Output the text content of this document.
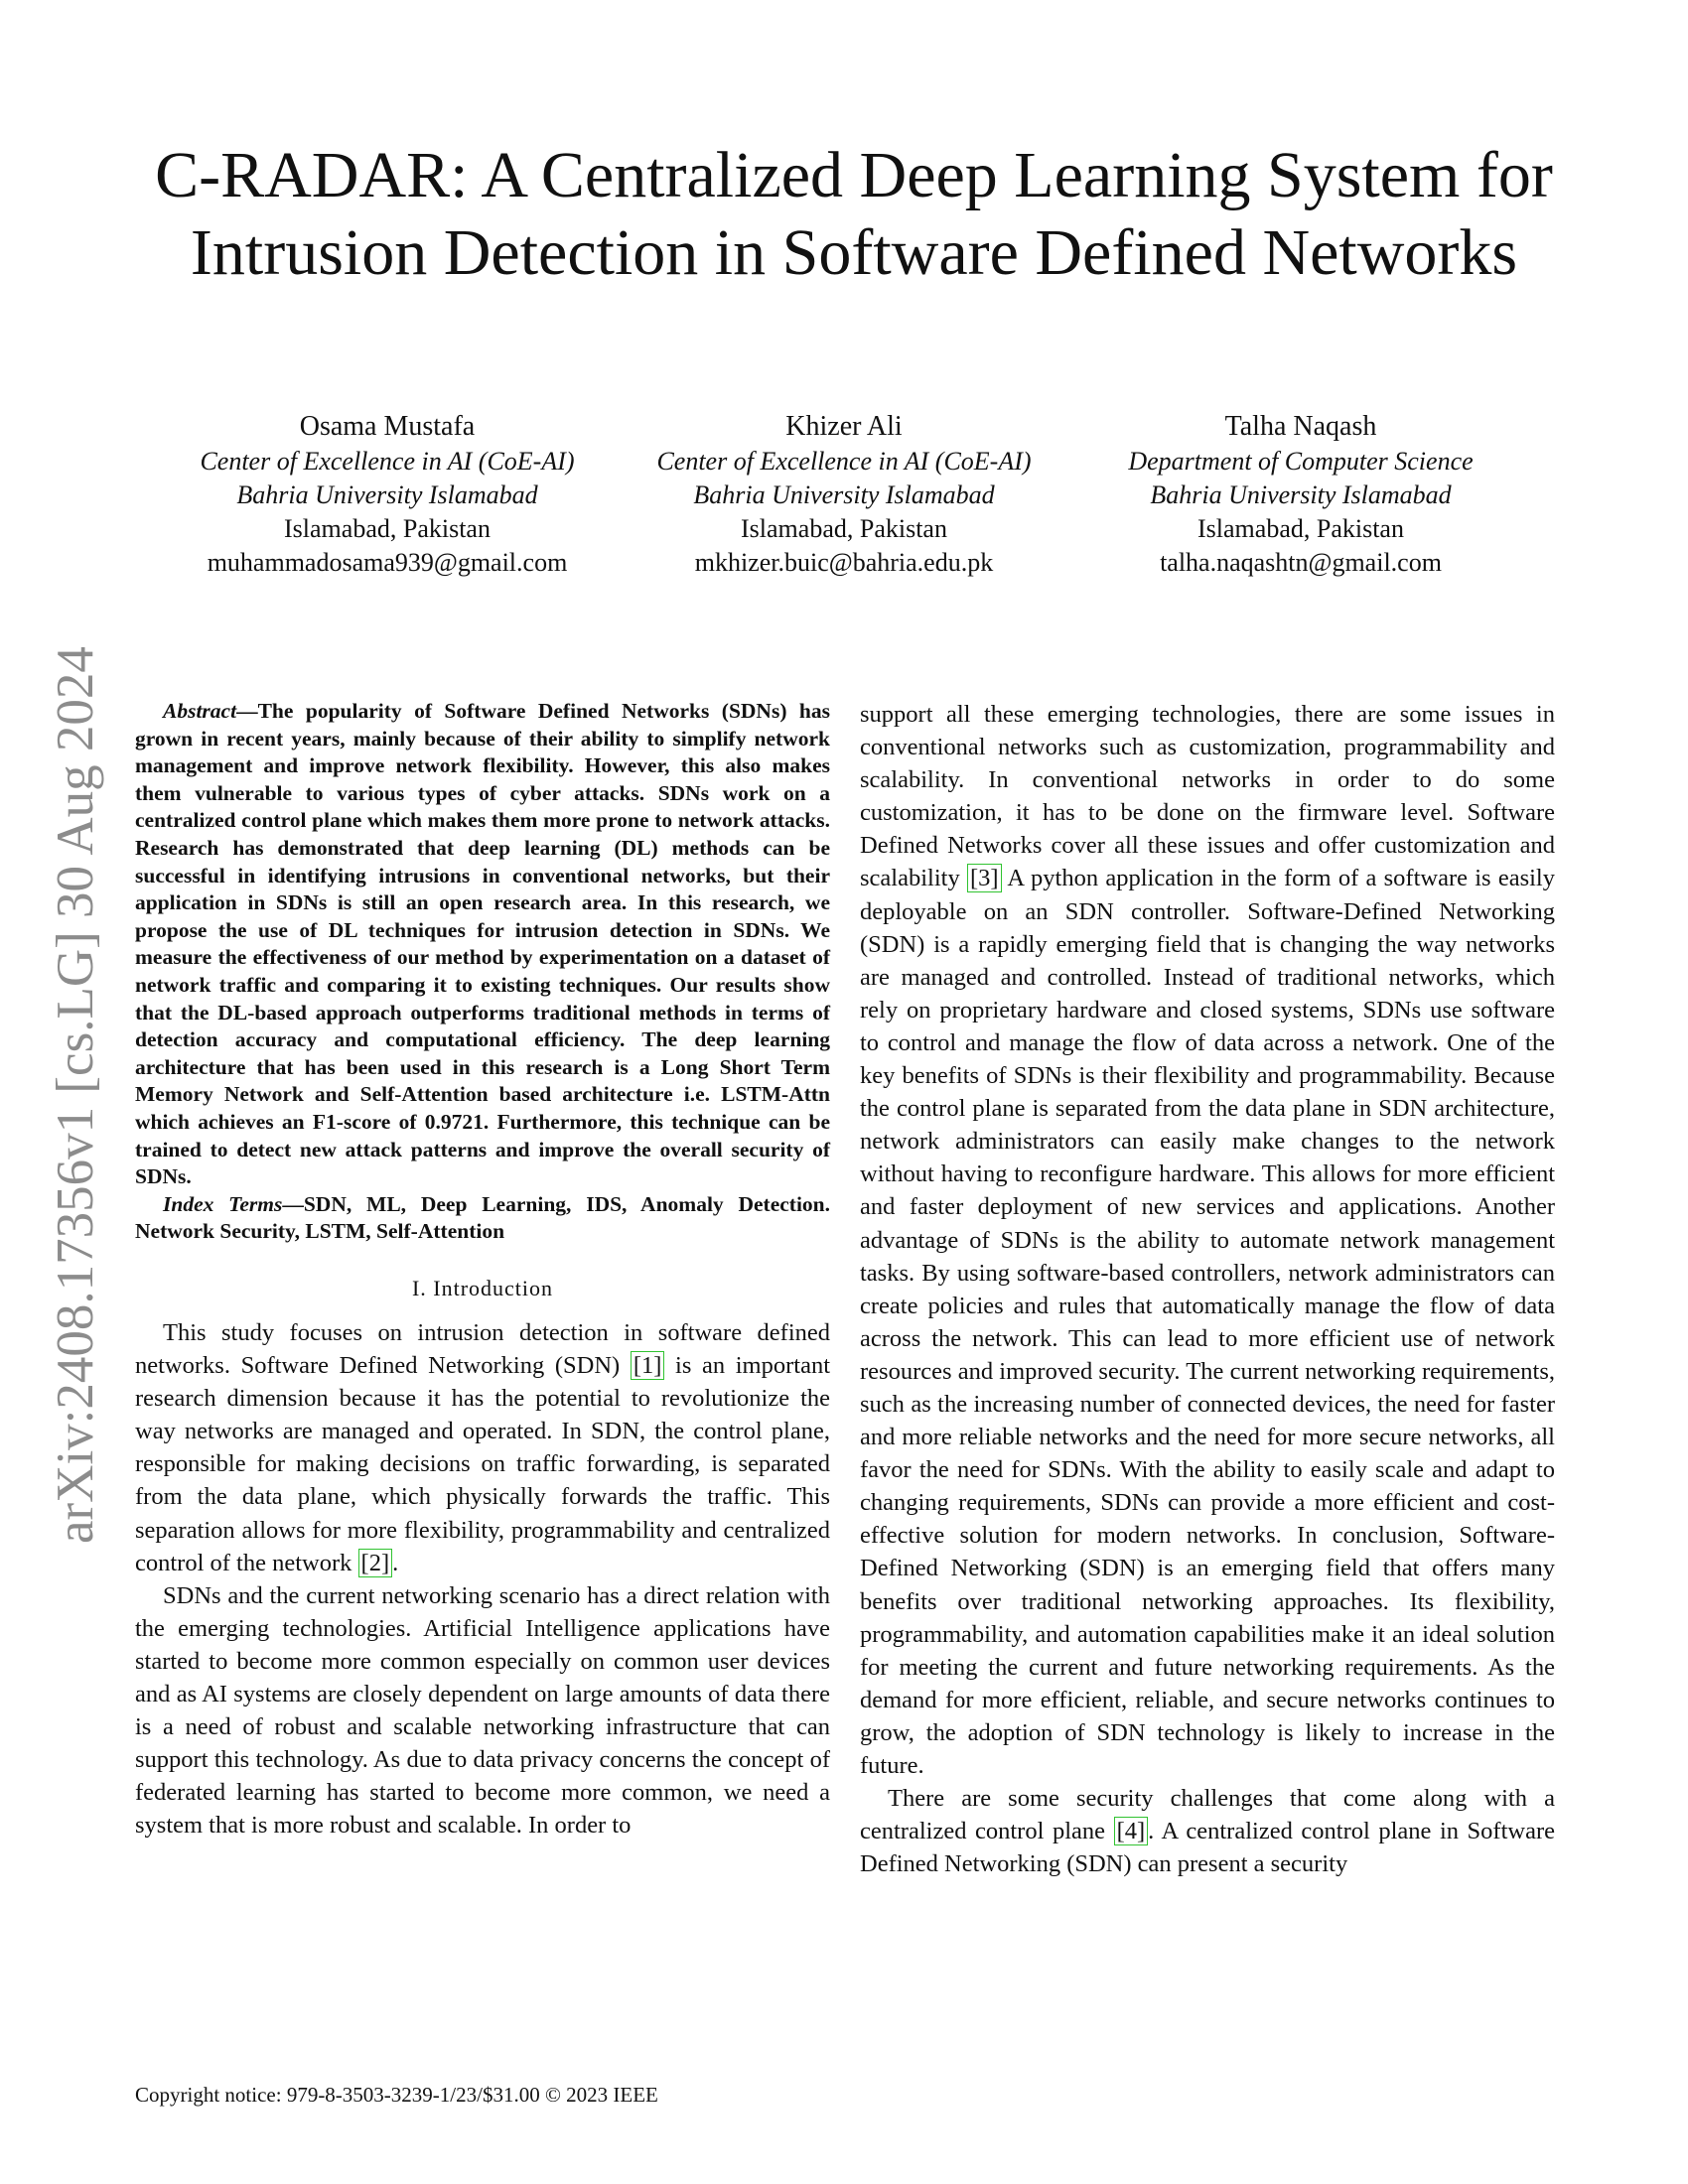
arXiv:2408.17356v1 [cs.LG] 30 Aug 2024
C-RADAR: A Centralized Deep Learning System for Intrusion Detection in Software Defined Networks
Osama Mustafa
Center of Excellence in AI (CoE-AI)
Bahria University Islamabad
Islamabad, Pakistan
muhammadosama939@gmail.com
Khizer Ali
Center of Excellence in AI (CoE-AI)
Bahria University Islamabad
Islamabad, Pakistan
mkhizer.buic@bahria.edu.pk
Talha Naqash
Department of Computer Science
Bahria University Islamabad
Islamabad, Pakistan
talha.naqashtn@gmail.com

Abstract—The popularity of Software Defined Networks (SDNs) has grown in recent years, mainly because of their ability to simplify network management and improve network flexibility. However, this also makes them vulnerable to various types of cyber attacks. SDNs work on a centralized control plane which makes them more prone to network attacks. Research has demonstrated that deep learning (DL) methods can be successful in identifying intrusions in conventional networks, but their application in SDNs is still an open research area. In this research, we propose the use of DL techniques for intrusion detection in SDNs. We measure the effectiveness of our method by experimentation on a dataset of network traffic and comparing it to existing techniques. Our results show that the DL-based approach outperforms traditional methods in terms of detection accuracy and computational efficiency. The deep learning architecture that has been used in this research is a Long Short Term Memory Network and Self-Attention based architecture i.e. LSTM-Attn which achieves an F1-score of 0.9721. Furthermore, this technique can be trained to detect new attack patterns and improve the overall security of SDNs.

Index Terms—SDN, ML, Deep Learning, IDS, Anomaly Detection. Network Security, LSTM, Self-Attention

I. Introduction

This study focuses on intrusion detection in software defined networks. Software Defined Networking (SDN) [1] is an important research dimension because it has the potential to revolutionize the way networks are managed and operated. In SDN, the control plane, responsible for making decisions on traffic forwarding, is separated from the data plane, which physically forwards the traffic. This separation allows for more flexibility, programmability and centralized control of the network [2] .

SDNs and the current networking scenario has a direct relation with the emerging technologies. Artificial Intelligence applications have started to become more common especially on common user devices and as AI systems are closely dependent on large amounts of data there is a need of robust and scalable networking infrastructure that can support this technology. As due to data privacy concerns the concept of federated learning has started to become more common, we need a system that is more robust and scalable. In order to

support all these emerging technologies, there are some issues in conventional networks such as customization, programmability and scalability. In conventional networks in order to do some customization, it has to be done on the firmware level. Software Defined Networks cover all these issues and offer customization and scalability [3] A python application in the form of a software is easily deployable on an SDN controller. Software-Defined Networking (SDN) is a rapidly emerging field that is changing the way networks are managed and controlled. Instead of traditional networks, which rely on proprietary hardware and closed systems, SDNs use software to control and manage the flow of data across a network. One of the key benefits of SDNs is their flexibility and programmability. Because the control plane is separated from the data plane in SDN architecture, network administrators can easily make changes to the network without having to reconfigure hardware. This allows for more efficient and faster deployment of new services and applications. Another advantage of SDNs is the ability to automate network management tasks. By using software-based controllers, network administrators can create policies and rules that automatically manage the flow of data across the network. This can lead to more efficient use of network resources and improved security. The current networking requirements, such as the increasing number of connected devices, the need for faster and more reliable networks and the need for more secure networks, all favor the need for SDNs. With the ability to easily scale and adapt to changing requirements, SDNs can provide a more efficient and cost-effective solution for modern networks. In conclusion, Software-Defined Networking (SDN) is an emerging field that offers many benefits over traditional networking approaches. Its flexibility, programmability, and automation capabilities make it an ideal solution for meeting the current and future networking requirements. As the demand for more efficient, reliable, and secure networks continues to grow, the adoption of SDN technology is likely to increase in the future.

There are some security challenges that come along with a centralized control plane [4] . A centralized control plane in Software Defined Networking (SDN) can present a security

Copyright notice: 979-8-3503-3239-1/23/$31.00 © 2023 IEEE
